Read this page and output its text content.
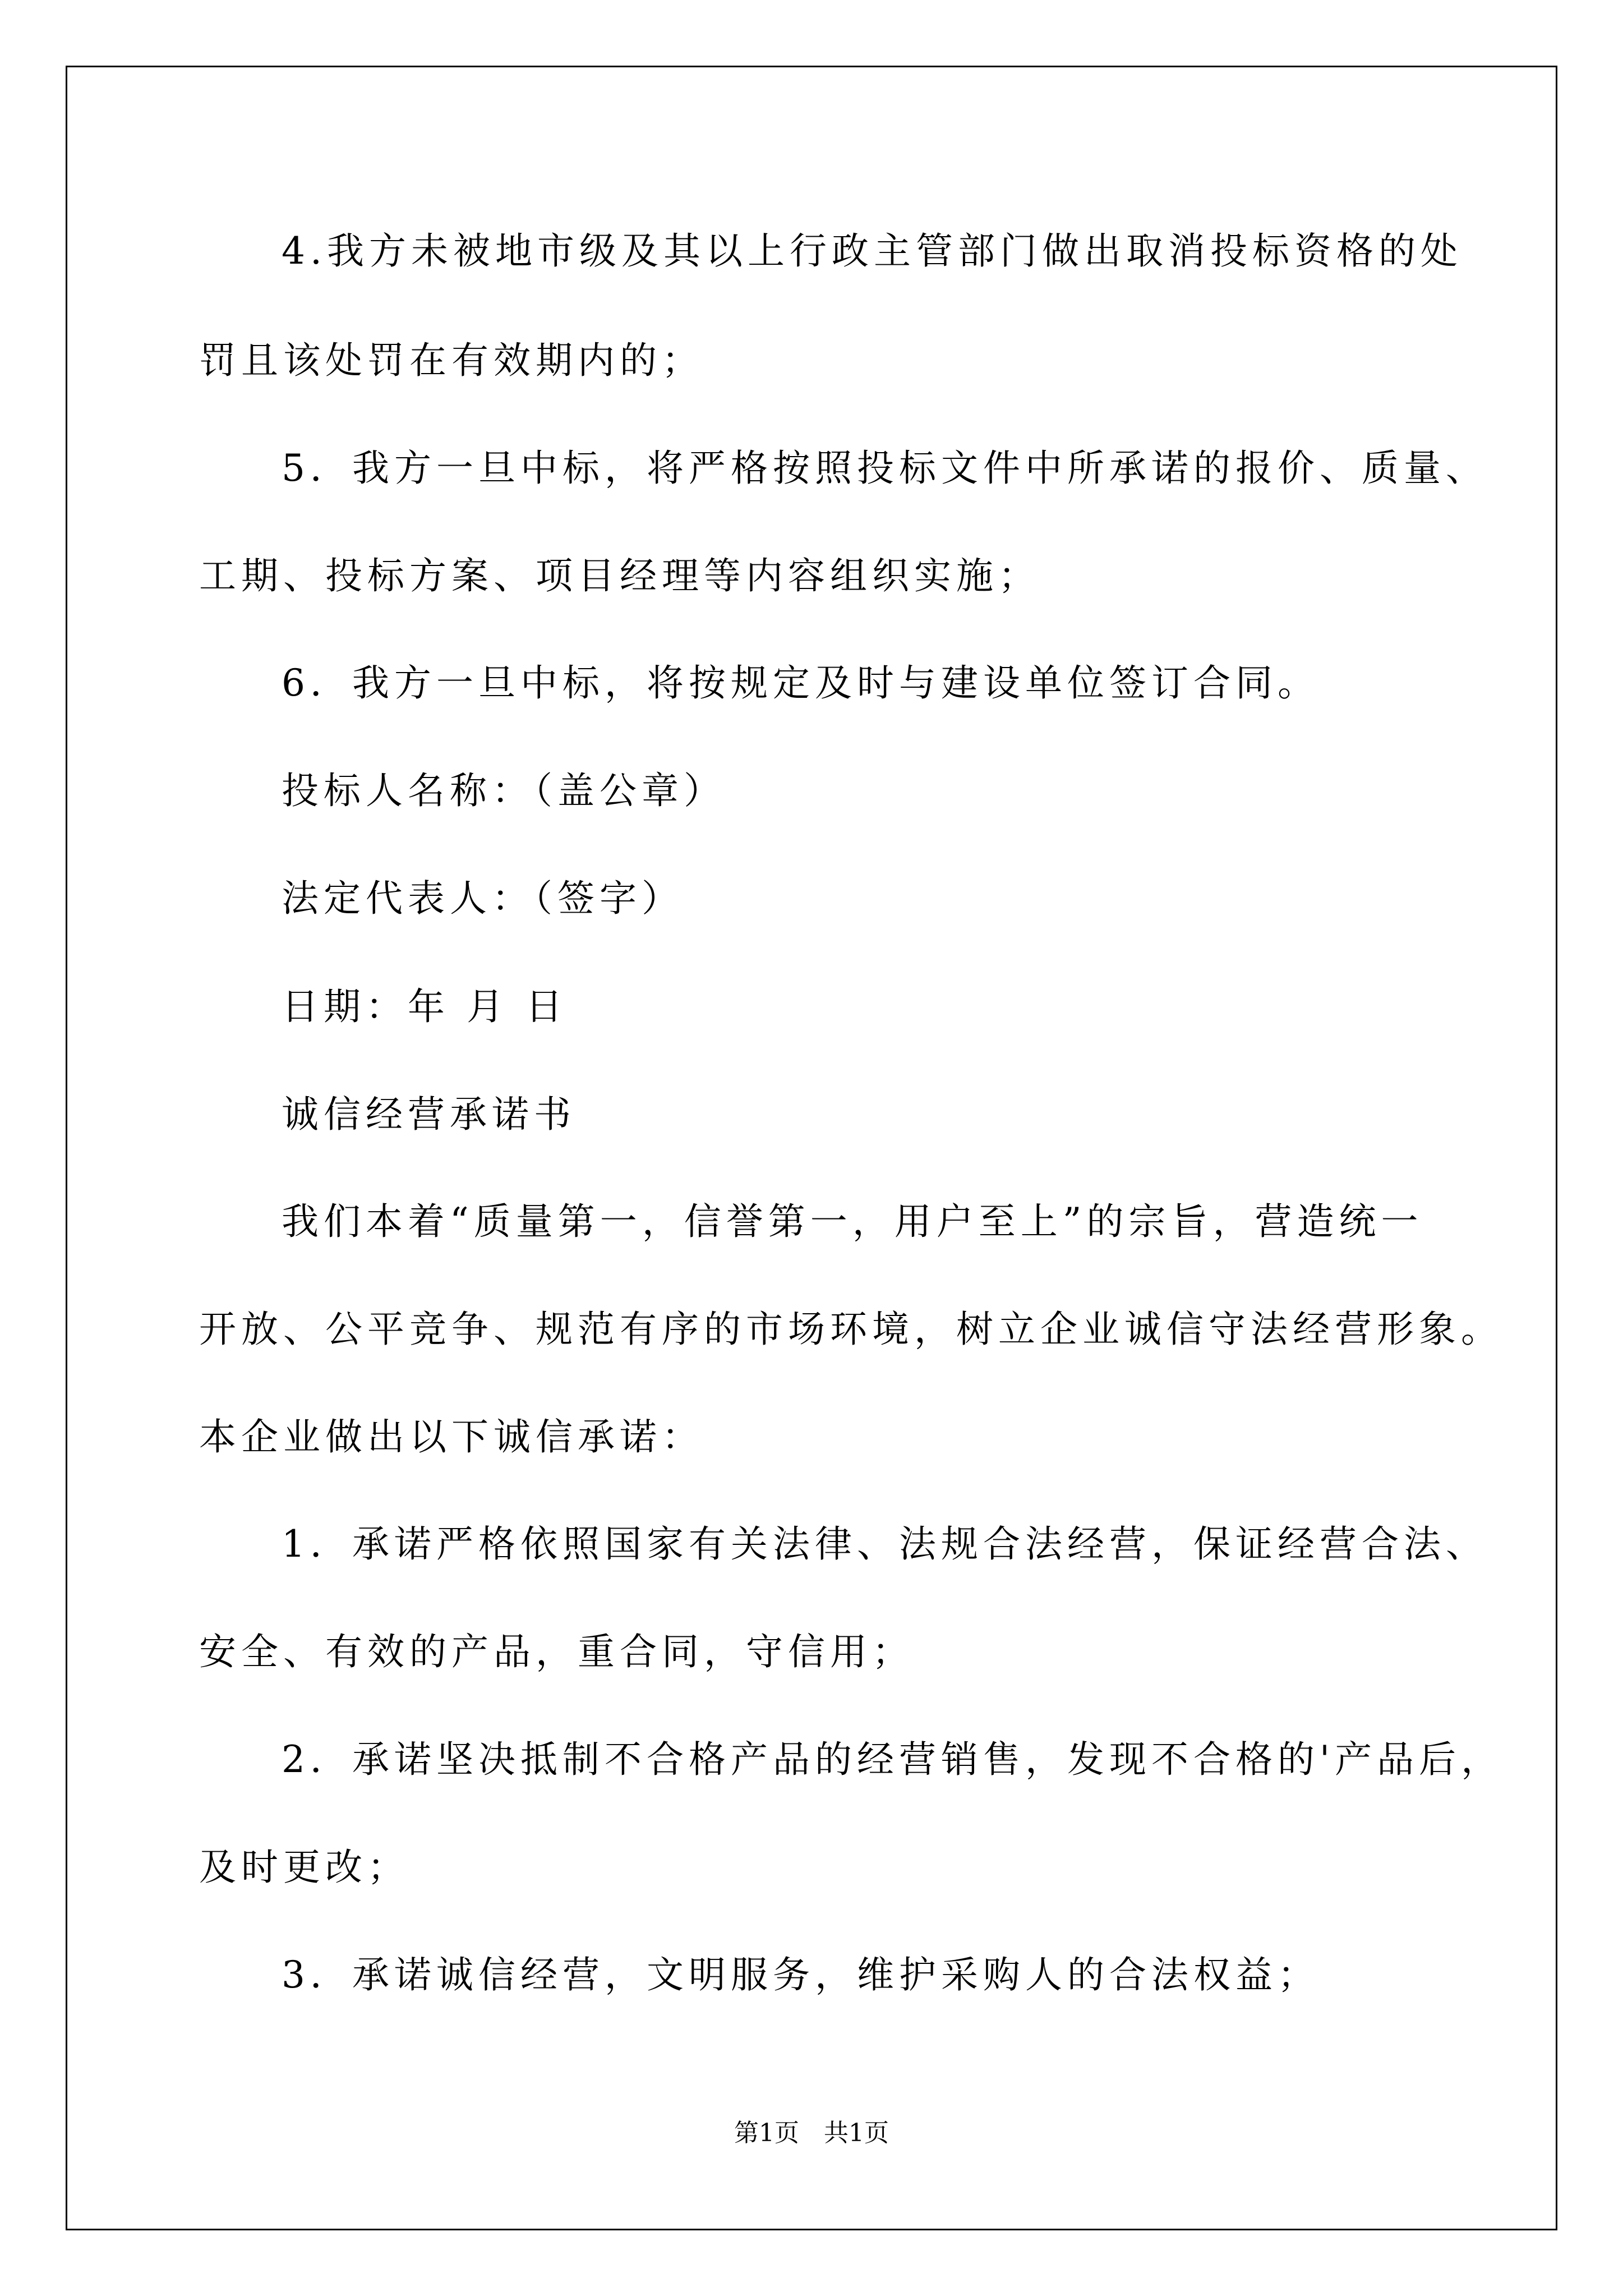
4.我方未被地市级及其以上行政主管部门做出取消投标资格的处
罚且该处罚在有效期内的；
5．我方一旦中标，将严格按照投标文件中所承诺的报价、质量、
工期、投标方案、项目经理等内容组织实施；
6．我方一旦中标，将按规定及时与建设单位签订合同。
投标人名称：（盖公章）
法定代表人：（签字）
日期：年 月 日
诚信经营承诺书
我们本着“质量第一，信誉第一，用户至上”的宗旨，营造统一
开放、公平竞争、规范有序的市场环境，树立企业诚信守法经营形象。
本企业做出以下诚信承诺：
1．承诺严格依照国家有关法律、法规合法经营，保证经营合法、
安全、有效的产品，重合同，守信用；
2．承诺坚决抵制不合格产品的经营销售，发现不合格的'产品后，
及时更改；
3．承诺诚信经营，文明服务，维护采购人的合法权益；
第1页　共1页
